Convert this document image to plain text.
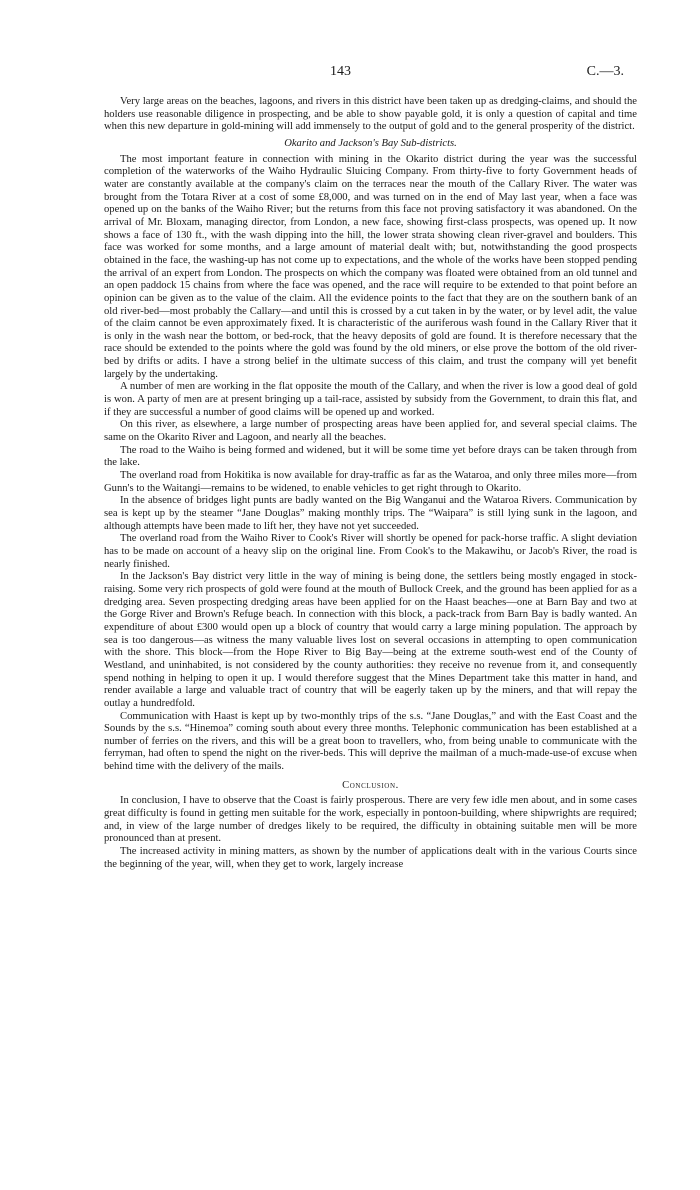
143	C.—3.

Very large areas on the beaches, lagoons, and rivers in this district have been taken up as dredging-claims, and should the holders use reasonable diligence in prospecting, and be able to show payable gold, it is only a question of capital and time when this new departure in gold-mining will add immensely to the output of gold and to the general prosperity of the district.

Okarito and Jackson's Bay Sub-districts.

The most important feature in connection with mining in the Okarito district during the year was the successful completion of the waterworks of the Waiho Hydraulic Sluicing Company. From thirty-five to forty Government heads of water are constantly available at the company's claim on the terraces near the mouth of the Callary River. The water was brought from the Totara River at a cost of some £8,000, and was turned on in the end of May last year, when a face was opened up on the banks of the Waiho River; but the returns from this face not proving satisfactory it was abandoned. On the arrival of Mr. Bloxam, managing director, from London, a new face, showing first-class prospects, was opened up. It now shows a face of 130 ft., with the wash dipping into the hill, the lower strata showing clean river-gravel and boulders. This face was worked for some months, and a large amount of material dealt with; but, notwithstanding the good prospects obtained in the face, the washing-up has not come up to expectations, and the whole of the works have been stopped pending the arrival of an expert from London. The prospects on which the company was floated were obtained from an old tunnel and an open paddock 15 chains from where the face was opened, and the race will require to be extended to that point before an opinion can be given as to the value of the claim. All the evidence points to the fact that they are on the southern bank of an old river-bed—most probably the Callary—and until this is crossed by a cut taken in by the water, or by level adit, the value of the claim cannot be even approximately fixed. It is characteristic of the auriferous wash found in the Callary River that it is only in the wash near the bottom, or bed-rock, that the heavy deposits of gold are found. It is therefore necessary that the race should be extended to the points where the gold was found by the old miners, or else prove the bottom of the old river-bed by drifts or adits. I have a strong belief in the ultimate success of this claim, and trust the company will yet benefit largely by the undertaking.

A number of men are working in the flat opposite the mouth of the Callary, and when the river is low a good deal of gold is won. A party of men are at present bringing up a tail-race, assisted by subsidy from the Government, to drain this flat, and if they are successful a number of good claims will be opened up and worked.

On this river, as elsewhere, a large number of prospecting areas have been applied for, and several special claims. The same on the Okarito River and Lagoon, and nearly all the beaches.

The road to the Waiho is being formed and widened, but it will be some time yet before drays can be taken through from the lake.

The overland road from Hokitika is now available for dray-traffic as far as the Wataroa, and only three miles more—from Gunn's to the Waitangi—remains to be widened, to enable vehicles to get right through to Okarito.

In the absence of bridges light punts are badly wanted on the Big Wanganui and the Wataroa Rivers. Communication by sea is kept up by the steamer “Jane Douglas” making monthly trips. The “Waipara” is still lying sunk in the lagoon, and although attempts have been made to lift her, they have not yet succeeded.

The overland road from the Waiho River to Cook's River will shortly be opened for pack-horse traffic. A slight deviation has to be made on account of a heavy slip on the original line. From Cook's to the Makawihu, or Jacob's River, the road is nearly finished.

In the Jackson's Bay district very little in the way of mining is being done, the settlers being mostly engaged in stock-raising. Some very rich prospects of gold were found at the mouth of Bullock Creek, and the ground has been applied for as a dredging area. Seven prospecting dredging areas have been applied for on the Haast beaches—one at Barn Bay and two at the Gorge River and Brown's Refuge beach. In connection with this block, a pack-track from Barn Bay is badly wanted. An expenditure of about £300 would open up a block of country that would carry a large mining population. The approach by sea is too dangerous—as witness the many valuable lives lost on several occasions in attempting to open communication with the shore. This block—from the Hope River to Big Bay—being at the extreme south-west end of the County of Westland, and uninhabited, is not considered by the county authorities: they receive no revenue from it, and consequently spend nothing in helping to open it up. I would therefore suggest that the Mines Department take this matter in hand, and render available a large and valuable tract of country that will be eagerly taken up by the miners, and that will repay the outlay a hundredfold.

Communication with Haast is kept up by two-monthly trips of the s.s. “Jane Douglas,” and with the East Coast and the Sounds by the s.s. “Hinemoa” coming south about every three months. Telephonic communication has been established at a number of ferries on the rivers, and this will be a great boon to travellers, who, from being unable to communicate with the ferryman, had often to spend the night on the river-beds. This will deprive the mailman of a much-made-use-of excuse when behind time with the delivery of the mails.

Conclusion.

In conclusion, I have to observe that the Coast is fairly prosperous. There are very few idle men about, and in some cases great difficulty is found in getting men suitable for the work, especially in pontoon-building, where shipwrights are required; and, in view of the large number of dredges likely to be required, the difficulty in obtaining suitable men will be more pronounced than at present.

The increased activity in mining matters, as shown by the number of applications dealt with in the various Courts since the beginning of the year, will, when they get to work, largely increase
